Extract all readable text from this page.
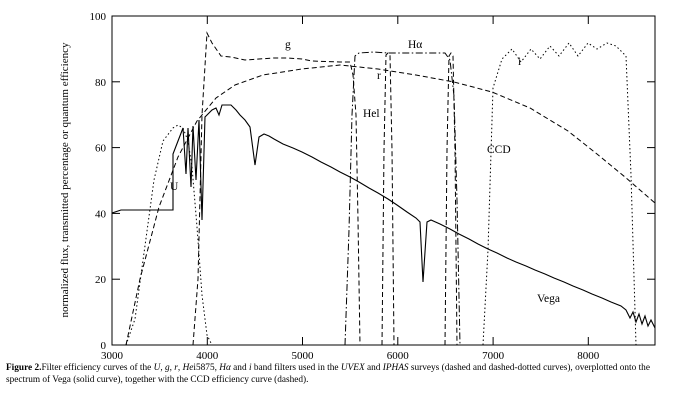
0
20
40
60
80
100
3000	4000	5000	6000	7000	8000
normalized flux, transmitted percentage or quantum efficiency	U
g
r
Hel
Hα
i
CCD
Vega
Figure 2.Filter efficiency curves of the U, g, r, Hei5875, Hα and i band filters used in the UVEX and IPHAS surveys (dashed and dashed-dotted curves), overplotted onto the spectrum of Vega (solid curve), together with the CCD efficiency curve (dashed).
